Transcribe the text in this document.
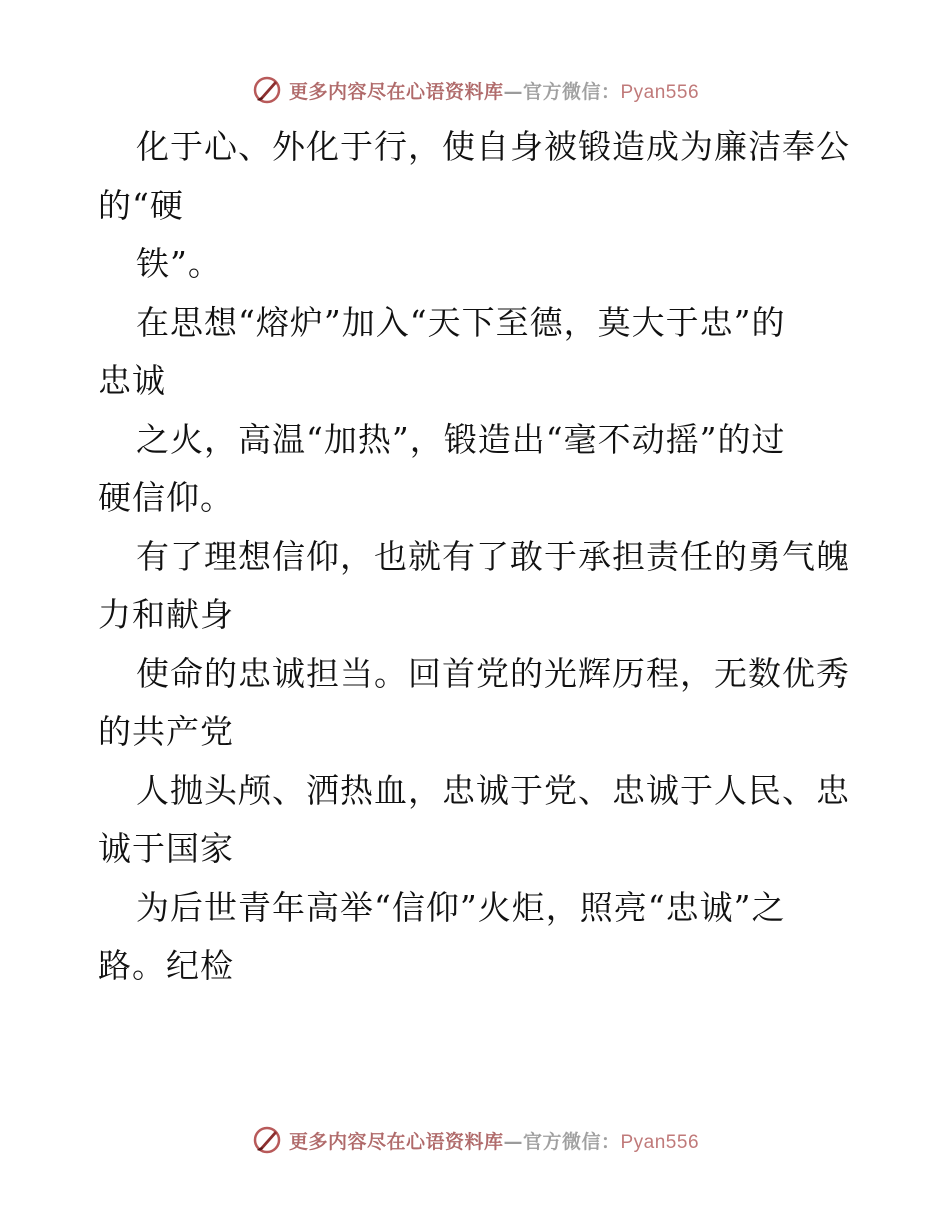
更多内容尽在心语资料库—官方微信：Pyan556
化于心、外化于行，使自身被锻造成为廉洁奉公
的“硬
铁”。
在思想“熔炉”加入“天下至德，莫大于忠”的
忠诚
之火，高温“加热”，锻造出“毫不动摇”的过
硬信仰。
有了理想信仰，也就有了敢于承担责任的勇气魄
力和献身
使命的忠诚担当。回首党的光辉历程，无数优秀
的共产党
人抛头颅、洒热血，忠诚于党、忠诚于人民、忠
诚于国家
为后世青年高举“信仰”火炬，照亮“忠诚”之
路。纪检
更多内容尽在心语资料库—官方微信：Pyan556
